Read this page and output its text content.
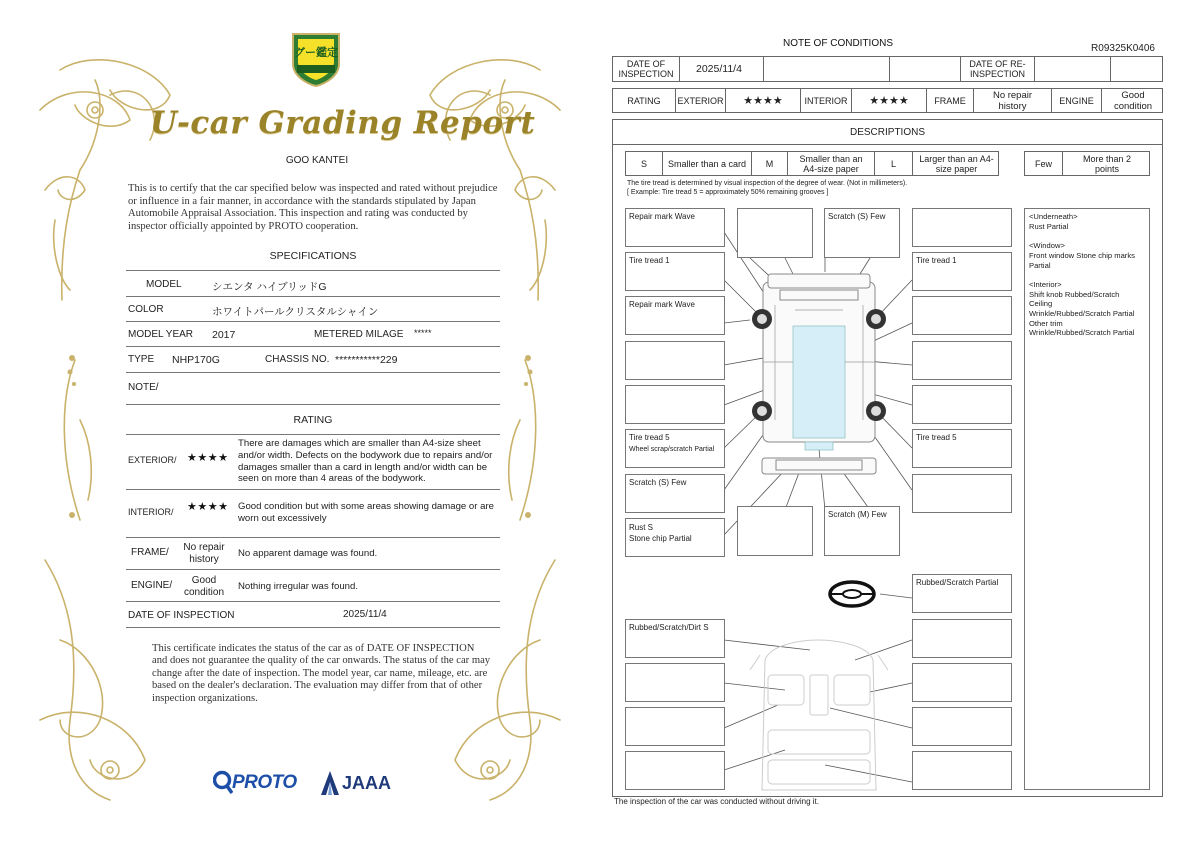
グー鑑定
U-car Grading Report
GOO KANTEI
This is to certify that the car specified below was inspected and rated without prejudice or influence in a fair manner, in accordance with the standards stipulated by Japan Automobile Appraisal Association. This inspection and rating was conducted by inspector officially appointed by PROTO cooperation.
SPECIFICATIONS
MODEL	シエンタ ハイブリッドG
COLOR	ホワイトパールクリスタルシャイン
MODEL YEAR 2017	METERED MILAGE *****
TYPE NHP170G	CHASSIS NO. ***********229
NOTE/
RATING
EXTERIOR/ ★★★★
There are damages which are smaller than A4-size sheet and/or width. Defects on the bodywork due to repairs and/or damages smaller than a card in length and/or width can be seen on more than 4 areas of the bodywork.
INTERIOR/ ★★★★ Good condition but with some areas showing damage or are worn out excessively
FRAME/	No repair history	No apparent damage was found.
ENGINE/	Good condition	Nothing irregular was found.
DATE OF INSPECTION	2025/11/4
This certificate indicates the status of the car as of DATE OF INSPECTION and does not guarantee the quality of the car onwards. The status of the car may change after the date of inspection. The model year, car name, mileage, etc. are based on the dealer's declaration. The evaluation may differ from that of other inspection organizations.
PROTO	JAAA
NOTE OF CONDITIONS	R09325K0406
DATE OF INSPECTION	2025/11/4	DATE OF RE-INSPECTION
RATING	EXTERIOR	★★★★	INTERIOR	★★★★	FRAME	No repair history	ENGINE	Good condition
DESCRIPTIONS
S	Smaller than a card	M	Smaller than an A4-size paper	L	Larger than an A4-size paper	Few	More than 2 points
The tire tread is determined by visual inspection of the degree of wear. (Not in millimeters).
[ Example: Tire tread 5 = approximately 50% remaining grooves ]
Repair mark Wave
Tire tread 1
Repair mark Wave
Tire tread 5
Wheel scrap/scratch Partial
Scratch (S) Few
Rust S
Stone chip Partial
Scratch (S) Few
Scratch (M) Few
Tire tread 1
Tire tread 5
Rubbed/Scratch Partial
Rubbed/Scratch/Dirt S
<Underneath>

Rust Partial

<Window>

Front window Stone chip marks Partial

<Interior>
Shift knob Rubbed/Scratch
Ceiling
Wrinkle/Rubbed/Scratch Partial
Other trim
Wrinkle/Rubbed/Scratch Partial
The inspection of the car was conducted without driving it.
